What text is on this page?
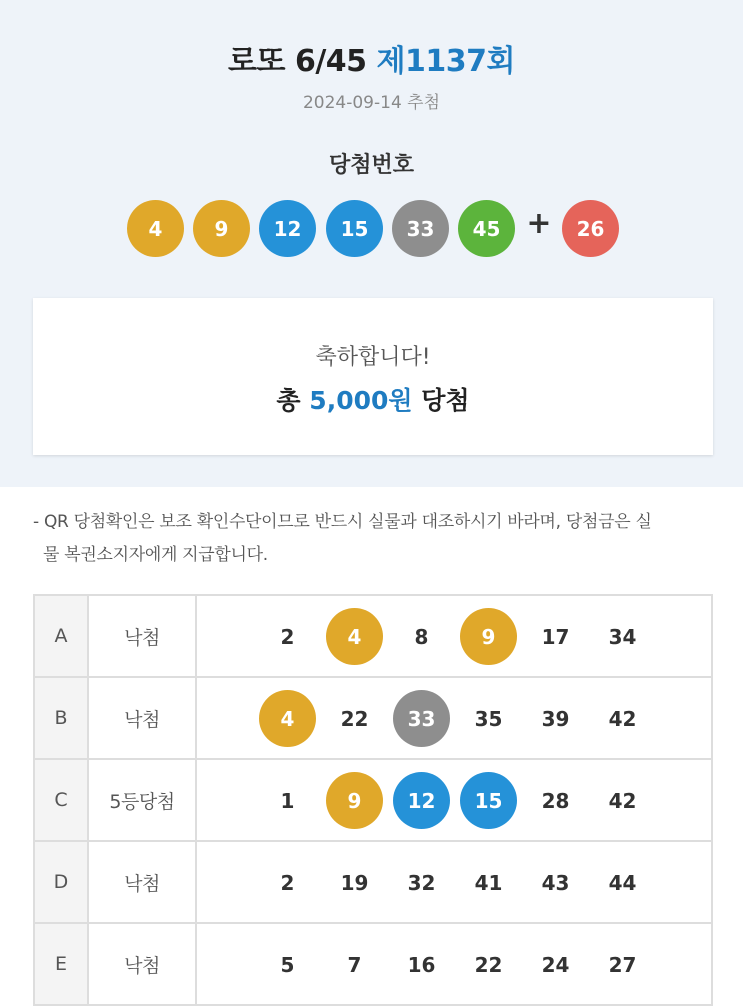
로또 6/45 제1137회
2024-09-14 추첨
당첨번호
4	9	12	15	33	45 +	26
축하합니다!
총 5,000원 당첨
- QR 당첨확인은 보조 확인수단이므로 반드시 실물과 대조하시기 바라며, 당첨금은 실
물 복권소지자에게 지급합니다.
A	낙첨	2	4	8	9	17	34
B	낙첨	4	22	33	35	39	42
C	5등당첨	1	9	12	15	28	42
D	낙첨	2	19	32	41	43	44
E	낙첨	5	7	16	22	24	27
